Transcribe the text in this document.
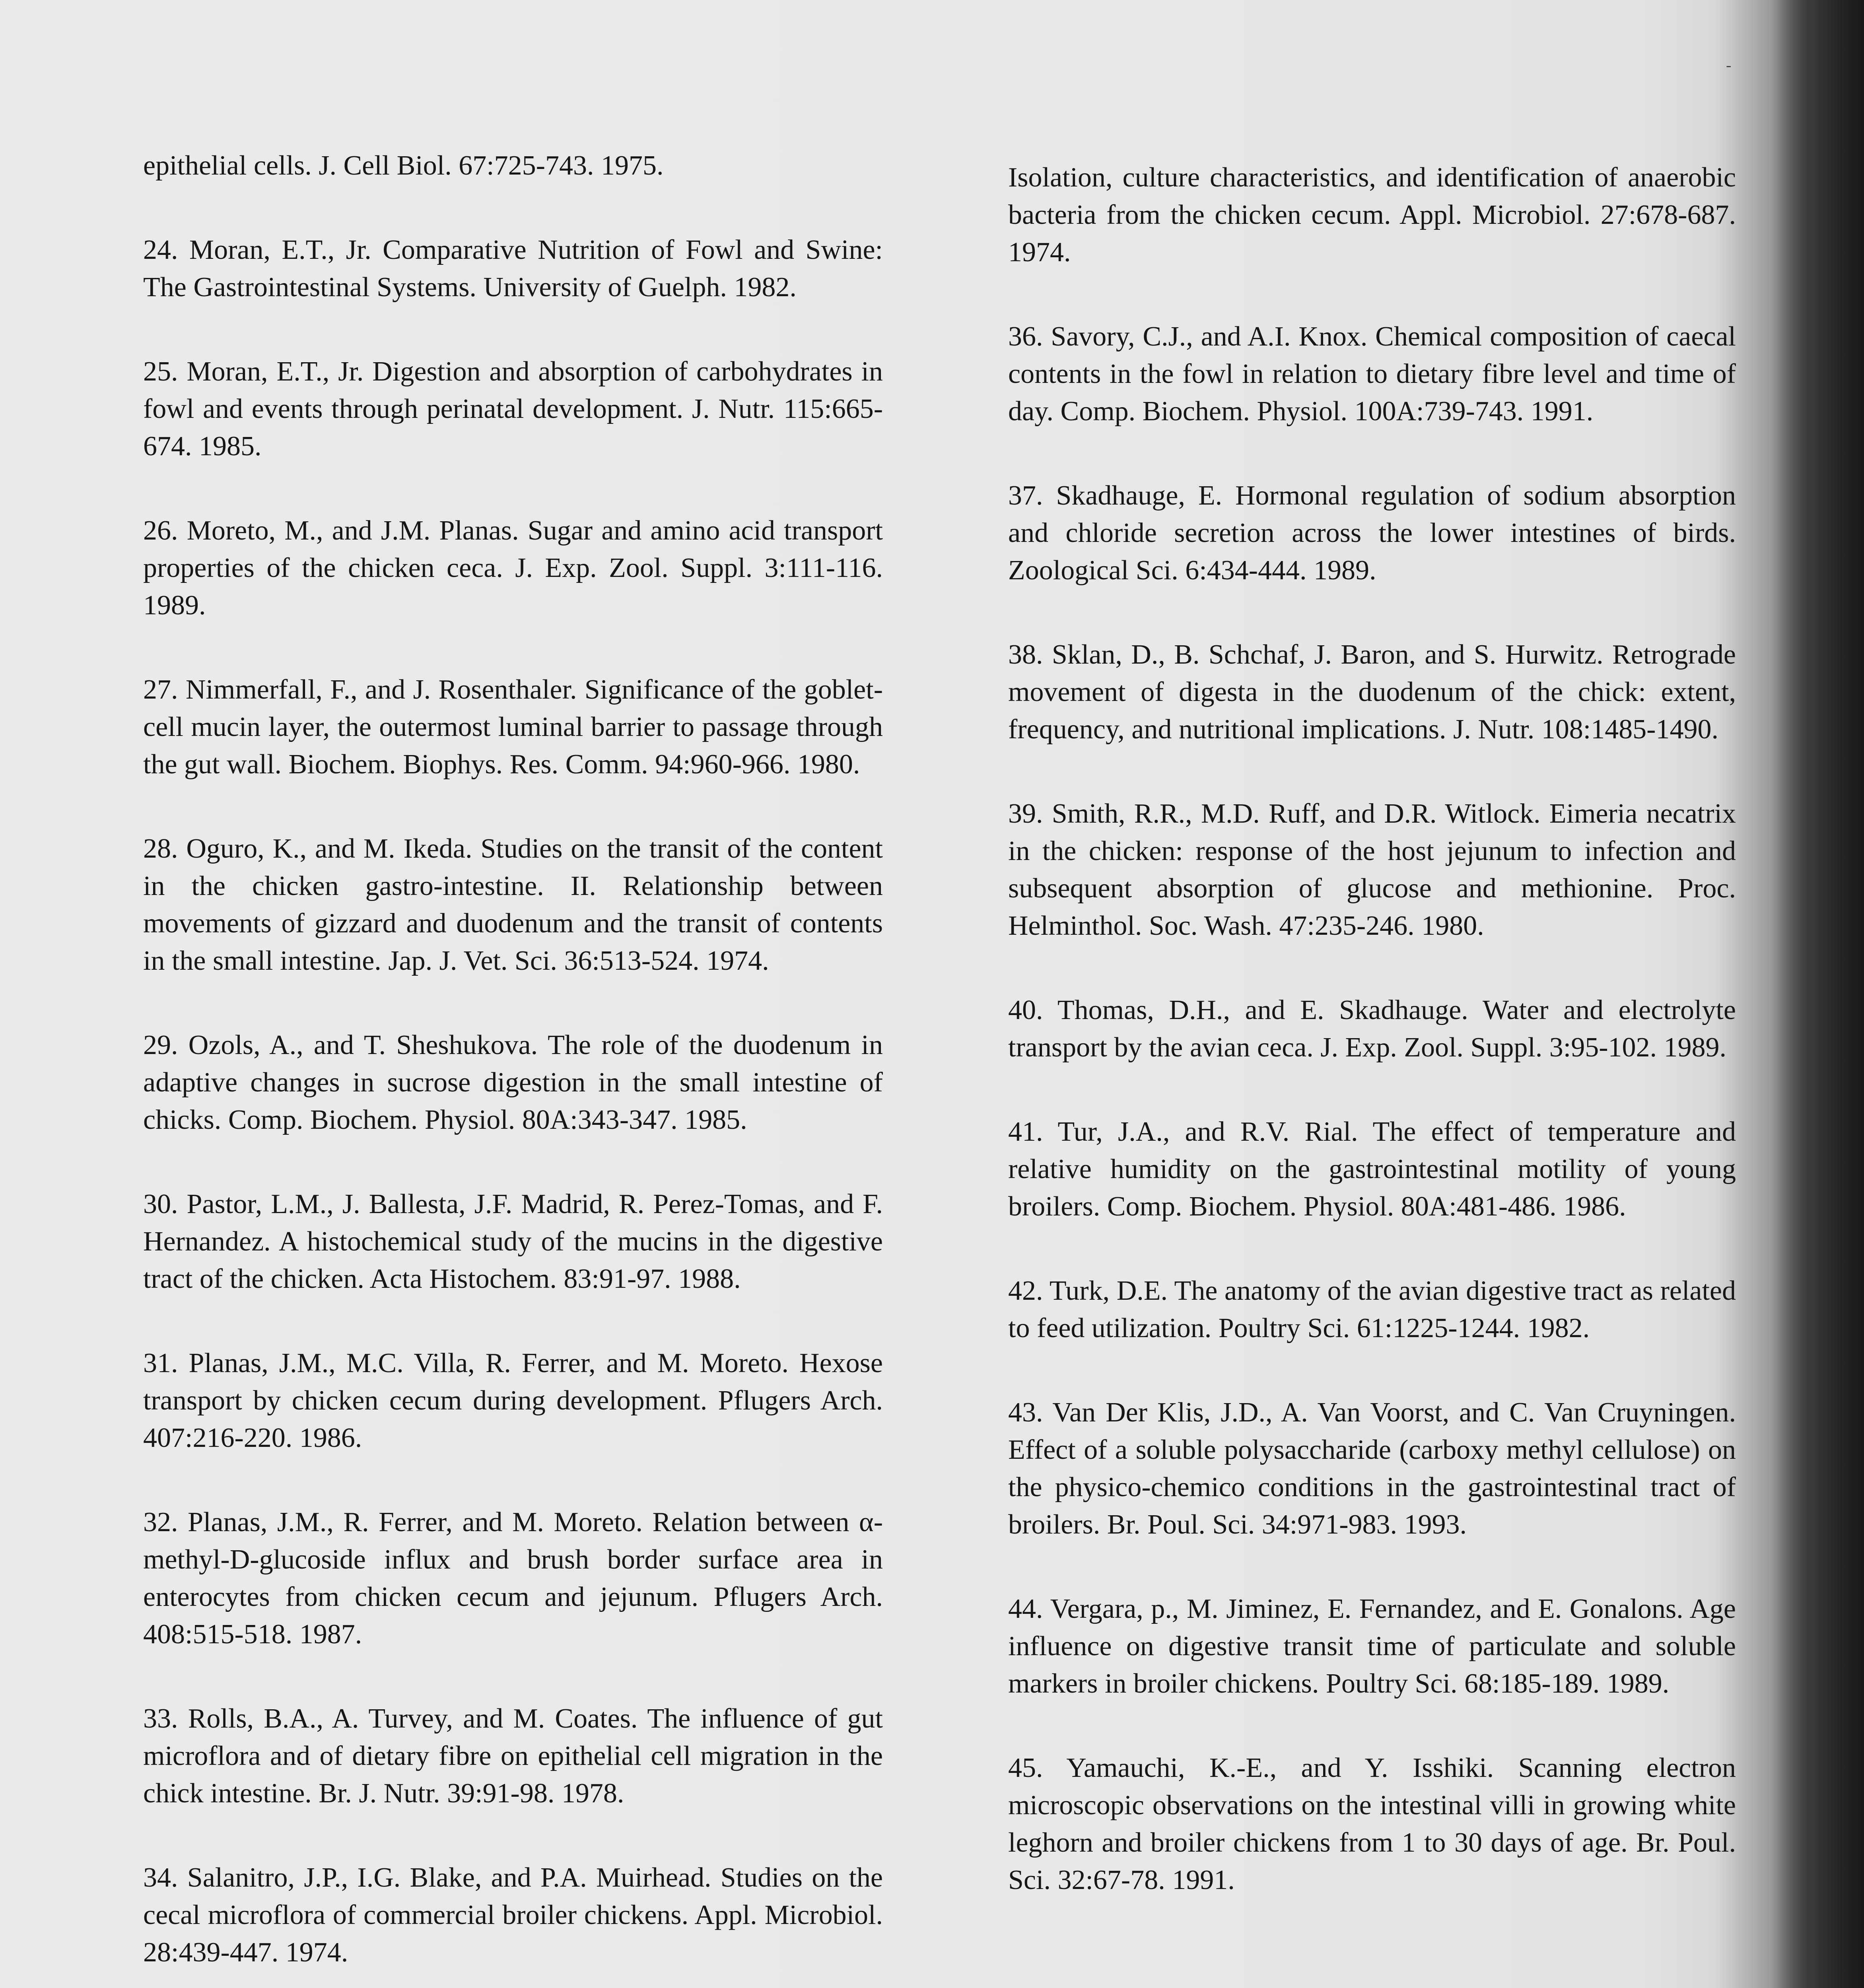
-

epithelial cells. J. Cell Biol. 67:725-743. 1975.

24. Moran, E.T., Jr. Comparative Nutrition of Fowl and Swine: The Gastrointestinal Systems. University of Guelph. 1982.

25. Moran, E.T., Jr. Digestion and absorption of carbohydrates in fowl and events through perinatal development. J. Nutr. 115:665-674. 1985.

26. Moreto, M., and J.M. Planas. Sugar and amino acid transport properties of the chicken ceca. J. Exp. Zool. Suppl. 3:111-116. 1989.

27. Nimmerfall, F., and J. Rosenthaler. Significance of the goblet-cell mucin layer, the outermost luminal barrier to passage through the gut wall. Biochem. Biophys. Res. Comm. 94:960-966. 1980.

28. Oguro, K., and M. Ikeda. Studies on the transit of the content in the chicken gastro-intestine. II. Relationship between movements of gizzard and duodenum and the transit of contents in the small intestine. Jap. J. Vet. Sci. 36:513-524. 1974.

29. Ozols, A., and T. Sheshukova. The role of the duodenum in adaptive changes in sucrose digestion in the small intestine of chicks. Comp. Biochem. Physiol. 80A:343-347. 1985.

30. Pastor, L.M., J. Ballesta, J.F. Madrid, R. Perez-Tomas, and F. Hernandez. A histochemical study of the mucins in the digestive tract of the chicken. Acta Histochem. 83:91-97. 1988.

31. Planas, J.M., M.C. Villa, R. Ferrer, and M. Moreto. Hexose transport by chicken cecum during development. Pflugers Arch. 407:216-220. 1986.

32. Planas, J.M., R. Ferrer, and M. Moreto. Relation between α-methyl-D-glucoside influx and brush border surface area in enterocytes from chicken cecum and jejunum. Pflugers Arch. 408:515-518. 1987.

33. Rolls, B.A., A. Turvey, and M. Coates. The influence of gut microflora and of dietary fibre on epithelial cell migration in the chick intestine. Br. J. Nutr. 39:91-98. 1978.

34. Salanitro, J.P., I.G. Blake, and P.A. Muirhead. Studies on the cecal microflora of commercial broiler chickens. Appl. Microbiol. 28:439-447. 1974.

Isolation, culture characteristics, and identification of anaerobic bacteria from the chicken cecum. Appl. Microbiol. 27:678-687. 1974.

36. Savory, C.J., and A.I. Knox. Chemical composition of caecal contents in the fowl in relation to dietary fibre level and time of day. Comp. Biochem. Physiol. 100A:739-743. 1991.

37. Skadhauge, E. Hormonal regulation of sodium absorption and chloride secretion across the lower intestines of birds. Zoological Sci. 6:434-444. 1989.

38. Sklan, D., B. Schchaf, J. Baron, and S. Hurwitz. Retrograde movement of digesta in the duodenum of the chick: extent, frequency, and nutritional implications. J. Nutr. 108:1485-1490.

39. Smith, R.R., M.D. Ruff, and D.R. Witlock. Eimeria necatrix in the chicken: response of the host jejunum to infection and subsequent absorption of glucose and methionine. Proc. Helminthol. Soc. Wash. 47:235-246. 1980.

40. Thomas, D.H., and E. Skadhauge. Water and electrolyte transport by the avian ceca. J. Exp. Zool. Suppl. 3:95-102. 1989.

41. Tur, J.A., and R.V. Rial. The effect of temperature and relative humidity on the gastrointestinal motility of young broilers. Comp. Biochem. Physiol. 80A:481-486. 1986.

42. Turk, D.E. The anatomy of the avian digestive tract as related to feed utilization. Poultry Sci. 61:1225-1244. 1982.

43. Van Der Klis, J.D., A. Van Voorst, and C. Van Cruyningen. Effect of a soluble polysaccharide (carboxy methyl cellulose) on the physico-chemico conditions in the gastrointestinal tract of broilers. Br. Poul. Sci. 34:971-983. 1993.

44. Vergara, p., M. Jiminez, E. Fernandez, and E. Gonalons. Age influence on digestive transit time of particulate and soluble markers in broiler chickens. Poultry Sci. 68:185-189. 1989.

45. Yamauchi, K.-E., and Y. Isshiki. Scanning electron microscopic observations on the intestinal villi in growing white leghorn and broiler chickens from 1 to 30 days of age. Br. Poul. Sci. 32:67-78. 1991.
